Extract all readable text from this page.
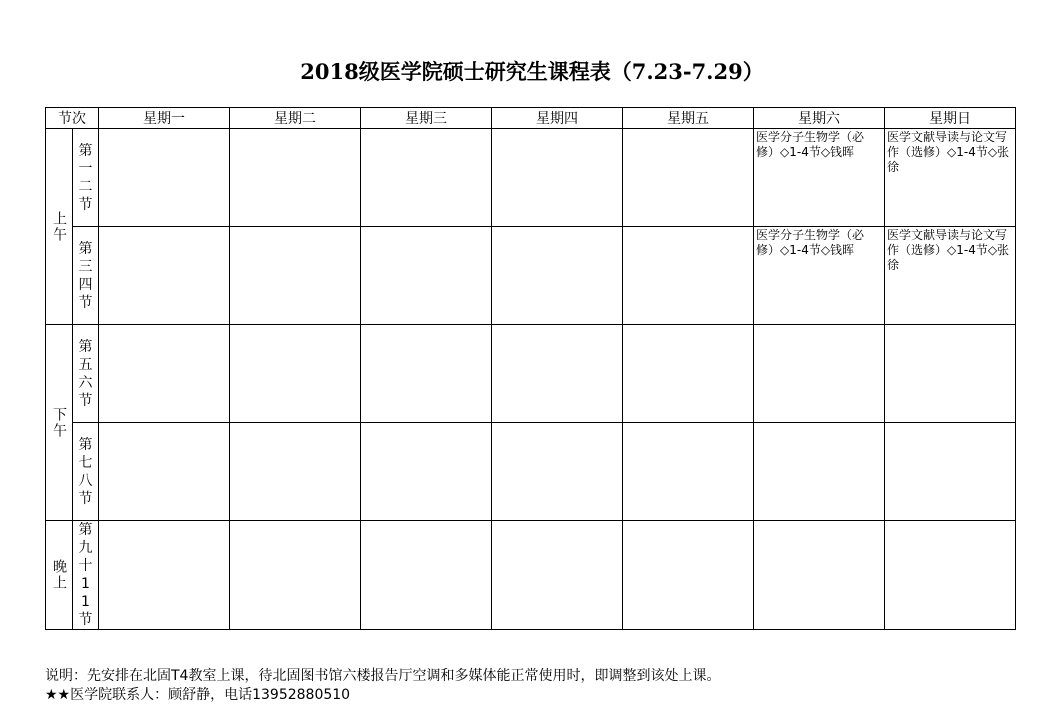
2018级医学院硕士研究生课程表（7.23-7.29）
节次		星期一	星期二	星期三	星期四	星期五	星期六	星期日
上午	第一二节						医学分子生物学（必修）◇1-4节◇钱晖	医学文献导读与论文写作（选修）◇1-4节◇张徐

	第三四节						医学分子生物学（必修）◇1-4节◇钱晖	医学文献导读与论文写作（选修）◇1-4节◇张徐
下午	第五六节							

	第七八节							

晚上	第九十11节							

说明：先安排在北固T4教室上课，待北固图书馆六楼报告厅空调和多媒体能正常使用时，即调整到该处上课。
★★医学院联系人：顾舒静，电话13952880510
